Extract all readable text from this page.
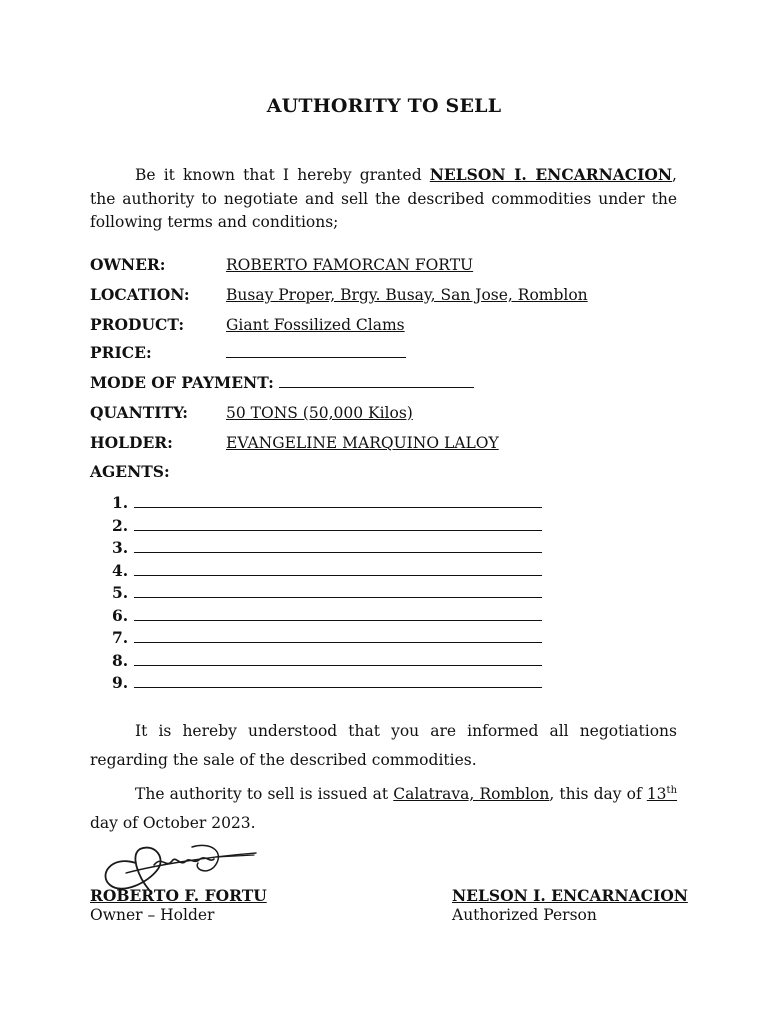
AUTHORITY TO SELL

Be it known that I hereby granted NELSON I. ENCARNACION, the authority to negotiate and sell the described commodities under the following terms and conditions;

OWNER:	ROBERTO FAMORCAN FORTU
LOCATION: Busay Proper, Brgy. Busay, San Jose, Romblon
PRODUCT:	Giant Fossilized Clams
PRICE:
MODE OF PAYMENT:
QUANTITY: 50 TONS (50,000 Kilos)
HOLDER:	EVANGELINE MARQUINO LALOY
AGENTS:
1.
2.
3.
4.
5.
6.
7.
8.
9.

It is hereby understood that you are informed all negotiations regarding the sale of the described commodities.

The authority to sell is issued at Calatrava, Romblon, this day of 13th day of October 2023.

ROBERTO F. FORTU
Owner – Holder
NELSON I. ENCARNACION
Authorized Person
